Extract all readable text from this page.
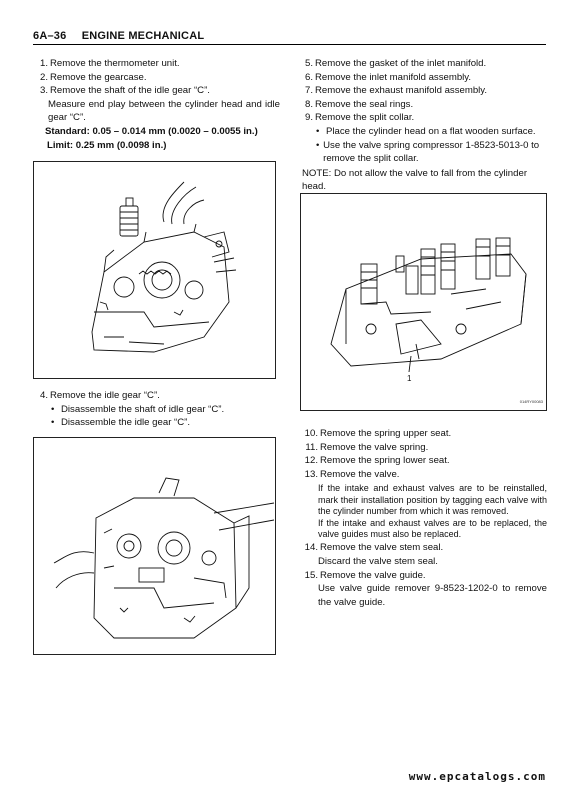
6A–36 ENGINE MECHANICAL
1. Remove the thermometer unit.
2. Remove the gearcase.
3. Remove the shaft of the idle gear “C”.
Measure end play between the cylinder head and idle gear “C”.
Standard: 0.05 – 0.014 mm (0.0020 – 0.0055 in.)
Limit: 0.25 mm (0.0098 in.)
4. Remove the idle gear “C”.
• Disassemble the shaft of idle gear “C”.
• Disassemble the idle gear “C”.
5. Remove the gasket of the inlet manifold.
6. Remove the inlet manifold assembly.
7. Remove the exhaust manifold assembly.
8. Remove the seal rings.
9. Remove the split collar.
• Place the cylinder head on a flat wooden surface.
• Use the valve spring compressor 1-8523-5013-0 to remove the split collar.
NOTE: Do not allow the valve to fall from the cylinder head.
1
014RY00083
10. Remove the spring upper seat.
11. Remove the valve spring.
12. Remove the spring lower seat.
13. Remove the valve.
If the intake and exhaust valves are to be reinstalled, mark their installation position by tagging each valve with the cylinder number from which it was removed.
If the intake and exhaust valves are to be replaced, the valve guides must also be replaced.
14. Remove the valve stem seal.
Discard the valve stem seal.
15. Remove the valve guide.
Use valve guide remover 9-8523-1202-0 to remove the valve guide.
www.epcatalogs.com
